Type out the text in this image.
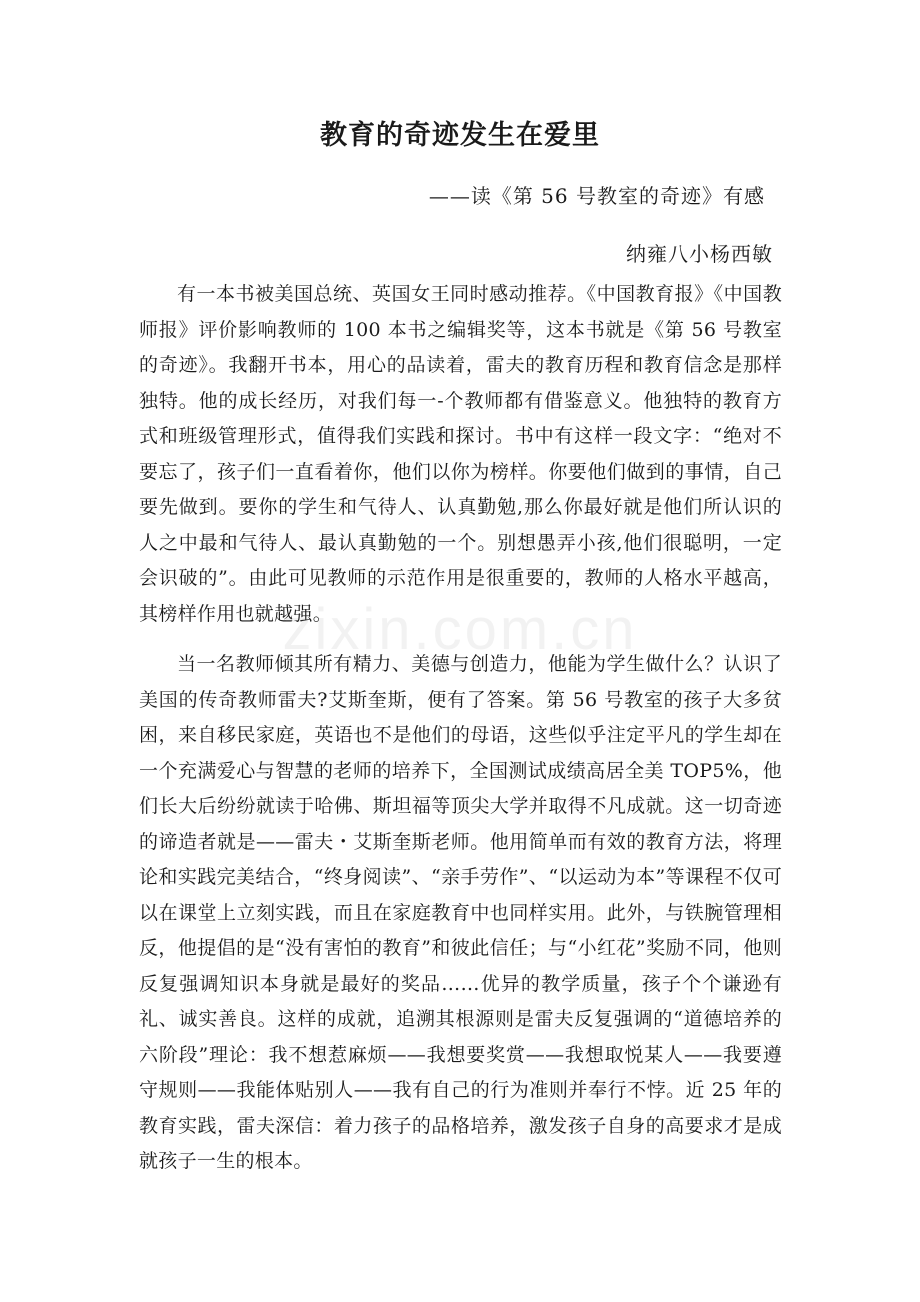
教育的奇迹发生在爱里
——读《第 56 号教室的奇迹》有感
纳雍八小杨西敏

有一本书被美国总统、英国女王同时感动推荐。《中国教育报》《中国教师报》评价影响教师的 100 本书之编辑奖等，这本书就是《第 56 号教室的奇迹》。我翻开书本，用心的品读着，雷夫的教育历程和教育信念是那样独特。他的成长经历，对我们每一-个教师都有借鉴意义。他独特的教育方式和班级管理形式，值得我们实践和探讨。书中有这样一段文字：“绝对不要忘了，孩子们一直看着你，他们以你为榜样。你要他们做到的事情，自己要先做到。要你的学生和气待人、认真勤勉,那么你最好就是他们所认识的人之中最和气待人、最认真勤勉的一个。别想愚弄小孩,他们很聪明，一定会识破的”。由此可见教师的示范作用是很重要的，教师的人格水平越高，其榜样作用也就越强。

当一名教师倾其所有精力、美德与创造力，他能为学生做什么？认识了美国的传奇教师雷夫?艾斯奎斯，便有了答案。第 56 号教室的孩子大多贫困，来自移民家庭，英语也不是他们的母语，这些似乎注定平凡的学生却在一个充满爱心与智慧的老师的培养下，全国测试成绩高居全美 TOP5%，他们长大后纷纷就读于哈佛、斯坦福等顶尖大学并取得不凡成就。这一切奇迹的谛造者就是——雷夫・艾斯奎斯老师。他用简单而有效的教育方法，将理论和实践完美结合，“终身阅读”、“亲手劳作”、“以运动为本”等课程不仅可以在课堂上立刻实践，而且在家庭教育中也同样实用。此外，与铁腕管理相反，他提倡的是“没有害怕的教育”和彼此信任；与“小红花”奖励不同，他则反复强调知识本身就是最好的奖品……优异的教学质量，孩子个个谦逊有礼、诚实善良。这样的成就，追溯其根源则是雷夫反复强调的“道德培养的六阶段”理论：我不想惹麻烦——我想要奖赏——我想取悦某人——我要遵守规则——我能体贴别人——我有自己的行为准则并奉行不悖。近 25 年的教育实践，雷夫深信：着力孩子的品格培养，激发孩子自身的高要求才是成就孩子一生的根本。

zixin.com.cn
